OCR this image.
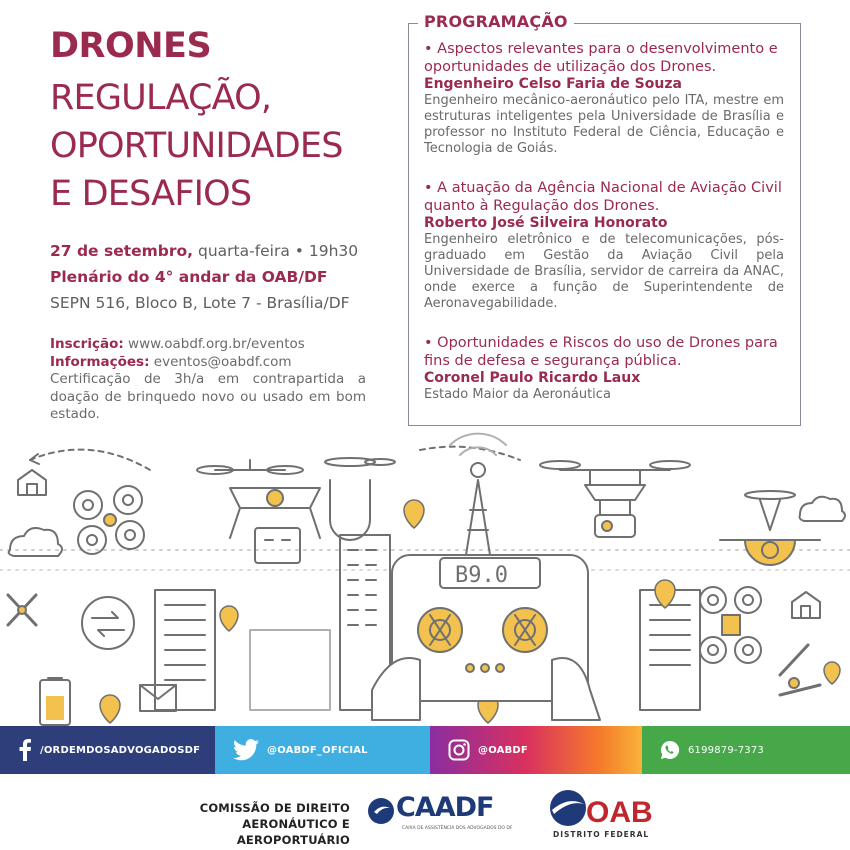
DRONES
REGULAÇÃO,
OPORTUNIDADES
E DESAFIOS
27 de setembro, quarta-feira • 19h30
Plenário do 4° andar da OAB/DF
SEPN 516, Bloco B, Lote 7 - Brasília/DF
Inscrição: www.oabdf.org.br/eventos
Informações: eventos@oabdf.com
Certificação de 3h/a em contrapartida a doação de brinquedo novo ou usado em bom estado.
PROGRAMAÇÃO
• Aspectos relevantes para o desenvolvimento e oportunidades de utilização dos Drones.
Engenheiro Celso Faria de Souza
Engenheiro mecânico-aeronáutico pelo ITA, mestre em estruturas inteligentes pela Universidade de Brasília e professor no Instituto Federal de Ciência, Educação e Tecnologia de Goiás.
• A atuação da Agência Nacional de Aviação Civil quanto à Regulação dos Drones.
Roberto José Silveira Honorato
Engenheiro eletrônico e de telecomunicações, pós-graduado em Gestão da Aviação Civil pela Universidade de Brasília, servidor de carreira da ANAC, onde exerce a função de Superintendente de Aeronavegabilidade.
• Oportunidades e Riscos do uso de Drones para fins de defesa e segurança pública.
Coronel Paulo Ricardo Laux
Estado Maior da Aeronáutica
B9.0
/ORDEMDOSADVOGADOSDF	@OABDF_OFICIAL	@OABDF	6199879-7373
COMISSÃO DE DIREITO
AERONÁUTICO E AEROPORTUÁRIO
CAADF
CAIXA DE ASSISTÊNCIA DOS ADVOGADOS DO DF OAB
DISTRITO FEDERAL
